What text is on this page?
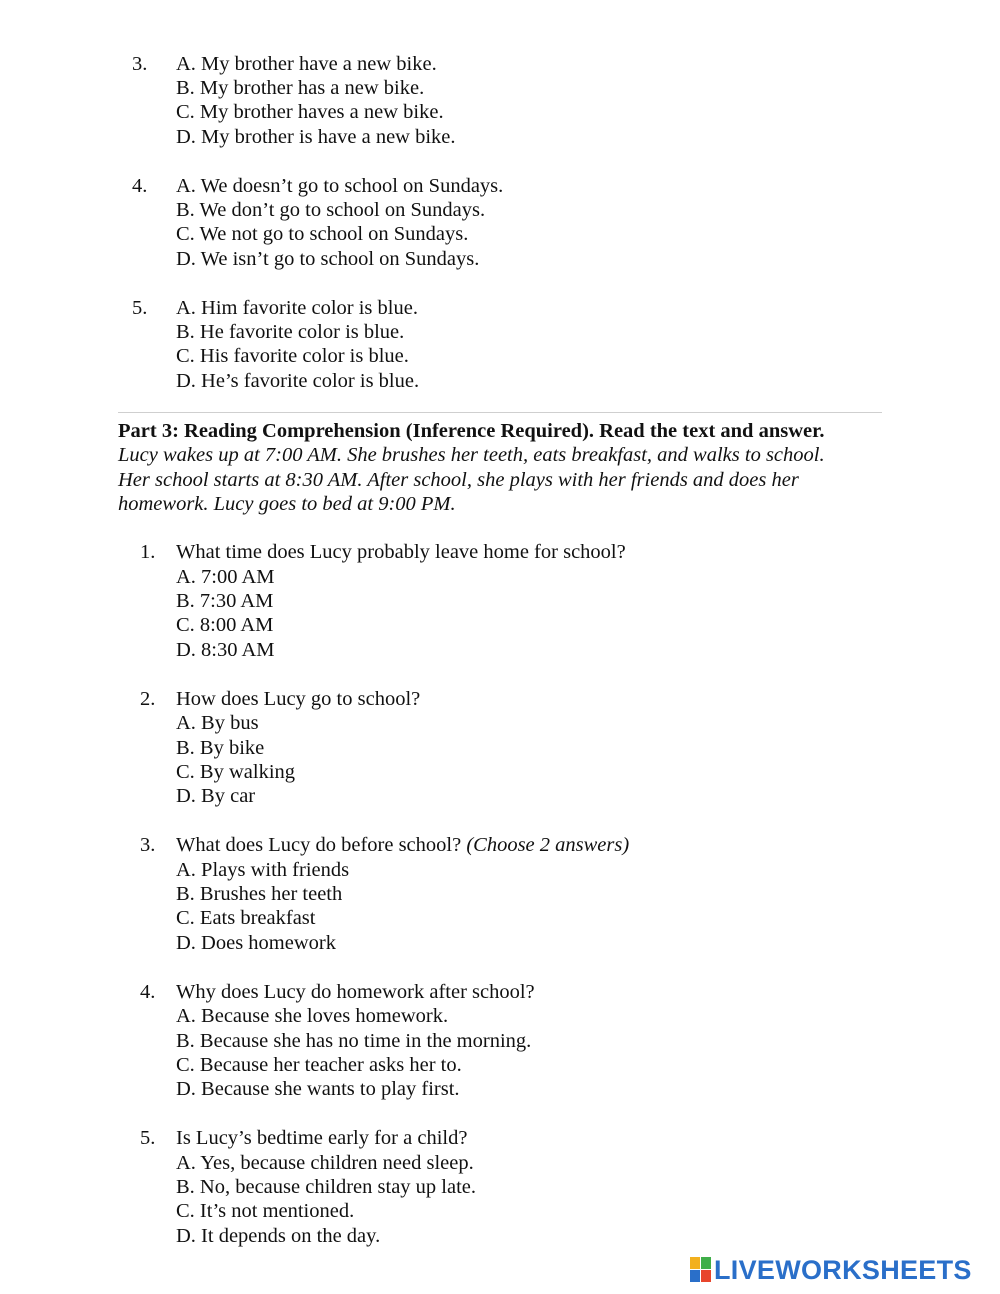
3. A. My brother have a new bike.
B. My brother has a new bike.
C. My brother haves a new bike.
D. My brother is have a new bike.
4. A. We doesn’t go to school on Sundays.
B. We don’t go to school on Sundays.
C. We not go to school on Sundays.
D. We isn’t go to school on Sundays.
5. A. Him favorite color is blue.
B. He favorite color is blue.
C. His favorite color is blue.
D. He’s favorite color is blue.
Part 3: Reading Comprehension (Inference Required). Read the text and answer.
Lucy wakes up at 7:00 AM. She brushes her teeth, eats breakfast, and walks to school.
Her school starts at 8:30 AM. After school, she plays with her friends and does her
homework. Lucy goes to bed at 9:00 PM.
1. What time does Lucy probably leave home for school?
A. 7:00 AM
B. 7:30 AM
C. 8:00 AM
D. 8:30 AM
2. How does Lucy go to school?
A. By bus
B. By bike
C. By walking
D. By car
3. What does Lucy do before school? (Choose 2 answers)
A. Plays with friends
B. Brushes her teeth
C. Eats breakfast
D. Does homework
4. Why does Lucy do homework after school?
A. Because she loves homework.
B. Because she has no time in the morning.
C. Because her teacher asks her to.
D. Because she wants to play first.
5. Is Lucy’s bedtime early for a child?
A. Yes, because children need sleep.
B. No, because children stay up late.
C. It’s not mentioned.
D. It depends on the day.
LIVEWORKSHEETS
